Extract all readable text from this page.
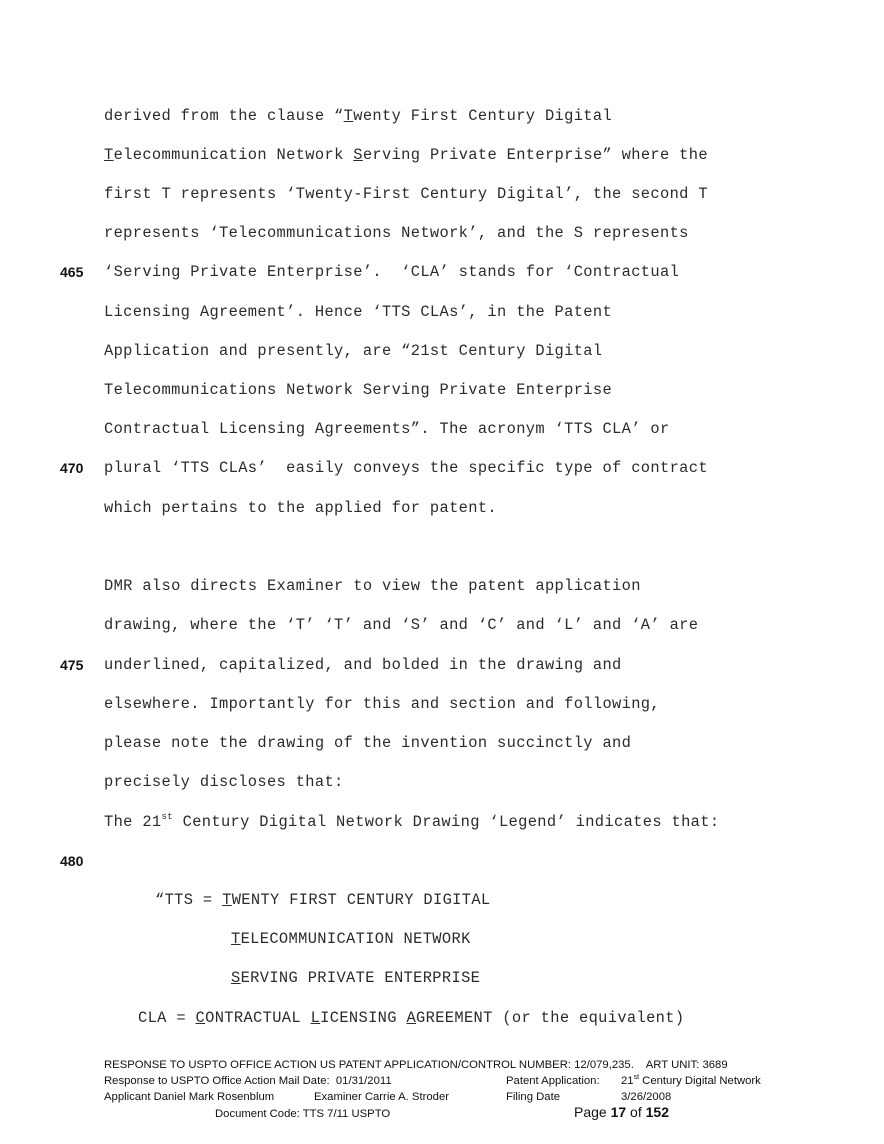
derived from the clause “Twenty First Century Digital
Telecommunication Network Serving Private Enterprise” where the
first T represents ‘Twenty-First Century Digital’, the second T
represents ‘Telecommunications Network’, and the S represents
‘Serving Private Enterprise’.  ‘CLA’ stands for ‘Contractual
Licensing Agreement’. Hence ‘TTS CLAs’, in the Patent
Application and presently, are “21st Century Digital
Telecommunications Network Serving Private Enterprise
Contractual Licensing Agreements”. The acronym ‘TTS CLA’ or
plural ‘TTS CLAs’  easily conveys the specific type of contract
which pertains to the applied for patent.
DMR also directs Examiner to view the patent application
drawing, where the ‘T’ ‘T’ and ‘S’ and ‘C’ and ‘L’ and ‘A’ are
underlined, capitalized, and bolded in the drawing and
elsewhere. Importantly for this and section and following,
please note the drawing of the invention succinctly and
precisely discloses that:
The 21st Century Digital Network Drawing ‘Legend’ indicates that:
465
470
475
480
“TTS = TWENTY FIRST CENTURY DIGITAL
TELECOMMUNICATION NETWORK
SERVING PRIVATE ENTERPRISE
CLA = CONTRACTUAL LICENSING AGREEMENT (or the equivalent)
RESPONSE TO USPTO OFFICE ACTION US PATENT APPLICATION/CONTROL NUMBER: 12/079,235.    ART UNIT: 3689
Response to USPTO Office Action Mail Date:  01/31/2011	Patent Application: 21st Century Digital Network
Applicant Daniel Mark Rosenblum	Examiner Carrie A. Stroder	Filing Date	3/26/2008
Document Code: TTS 7/11 USPTO	Page 17 of 152
